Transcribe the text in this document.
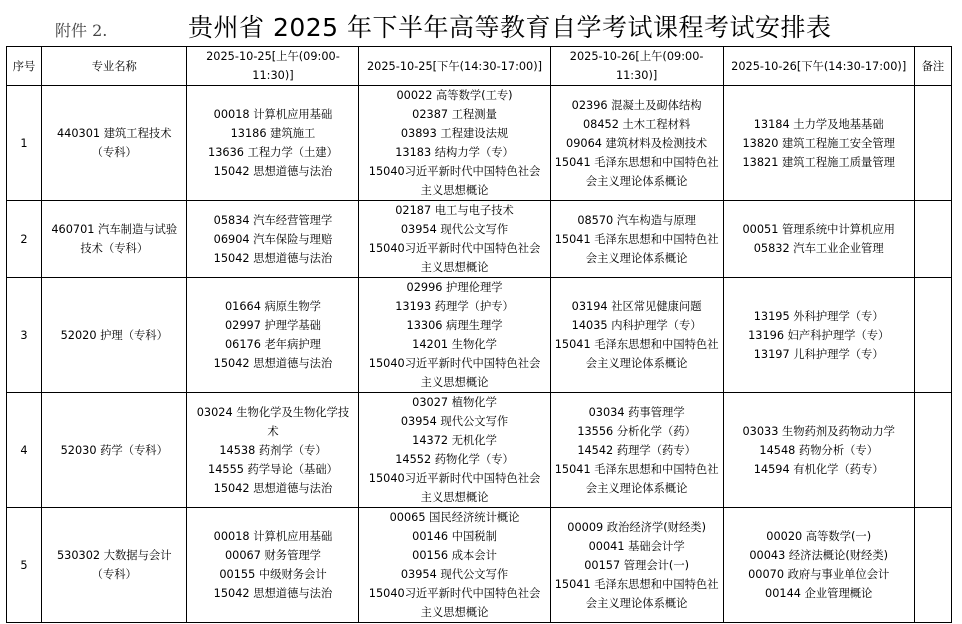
附件 2.	贵州省 2025 年下半年高等教育自学考试课程考试安排表
序号	专业名称	2025-10-25[上午(09:00-11:30)]	2025-10-25[下午(14:30-17:00)]	2025-10-26[上午(09:00-11:30)]	2025-10-26[下午(14:30-17:00)]	备注
1	440301 建筑工程技术（专科）	00018 计算机应用基础
13186 建筑施工
13636 工程力学（土建）
15042 思想道德与法治	00022 高等数学(工专)
02387 工程测量
03893 工程建设法规
13183 结构力学（专）
15040习近平新时代中国特色社会主义思想概论	02396 混凝土及砌体结构
08452 土木工程材料
09064 建筑材料及检测技术
15041 毛泽东思想和中国特色社会主义理论体系概论	13184 土力学及地基基础
13820 建筑工程施工安全管理
13821 建筑工程施工质量管理	

2	460701 汽车制造与试验技术（专科）	05834 汽车经营管理学
06904 汽车保险与理赔
15042 思想道德与法治	02187 电工与电子技术
03954 现代公文写作
15040习近平新时代中国特色社会主义思想概论	08570 汽车构造与原理
15041 毛泽东思想和中国特色社会主义理论体系概论	00051 管理系统中计算机应用
05832 汽车工业企业管理	

3	52020 护理（专科）	01664 病原生物学
02997 护理学基础
06176 老年病护理
15042 思想道德与法治	02996 护理伦理学
13193 药理学（护专）
13306 病理生理学
14201 生物化学
15040习近平新时代中国特色社会主义思想概论	03194 社区常见健康问题
14035 内科护理学（专）
15041 毛泽东思想和中国特色社会主义理论体系概论	13195 外科护理学（专）
13196 妇产科护理学（专）
13197 儿科护理学（专）	

4	52030 药学（专科）	03024 生物化学及生物化学技术
14538 药剂学（专）
14555 药学导论（基础）
15042 思想道德与法治	03027 植物化学
03954 现代公文写作
14372 无机化学
14552 药物化学（专）
15040习近平新时代中国特色社会主义思想概论	03034 药事管理学
13556 分析化学（药）
14542 药理学（药专）
15041 毛泽东思想和中国特色社会主义理论体系概论	03033 生物药剂及药物动力学
14548 药物分析（专）
14594 有机化学（药专）	

5	530302 大数据与会计（专科）	00018 计算机应用基础
00067 财务管理学
00155 中级财务会计
15042 思想道德与法治	00065 国民经济统计概论
00146 中国税制
00156 成本会计
03954 现代公文写作
15040习近平新时代中国特色社会主义思想概论	00009 政治经济学(财经类)
00041 基础会计学
00157 管理会计(一)
15041 毛泽东思想和中国特色社会主义理论体系概论	00020 高等数学(一)
00043 经济法概论(财经类)
00070 政府与事业单位会计
00144 企业管理概论	
